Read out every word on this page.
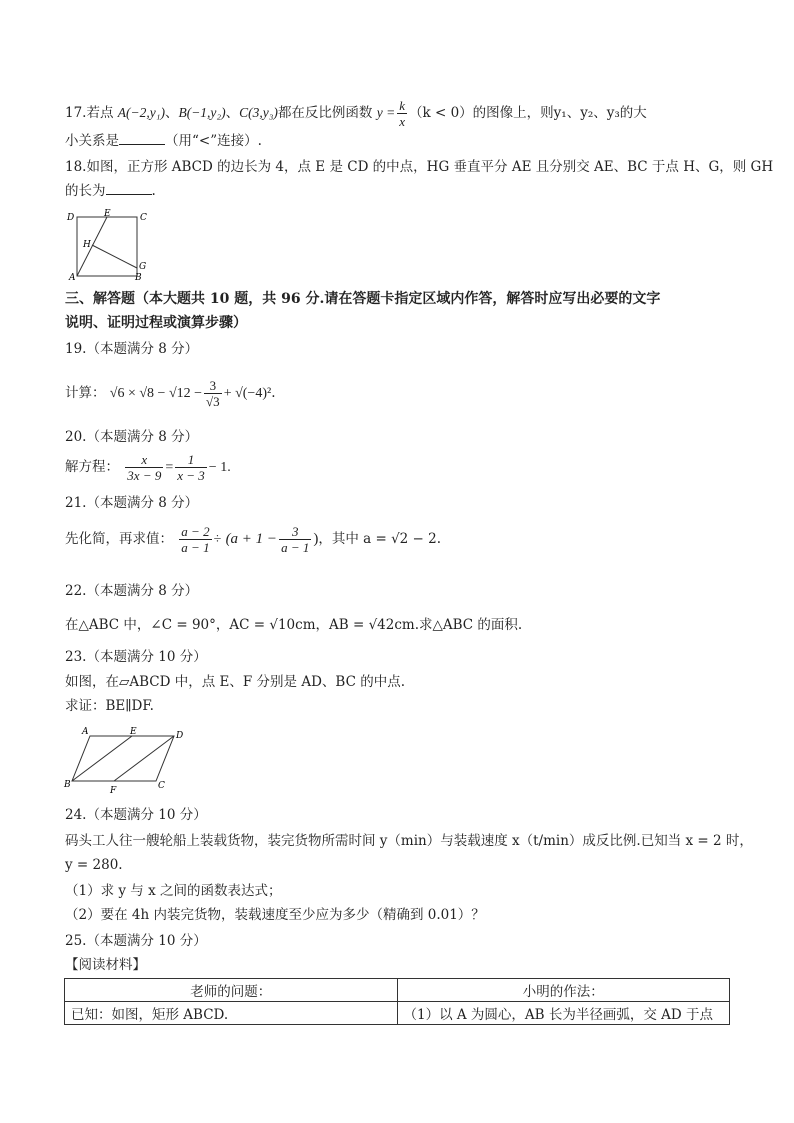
17.若点 A(−2,y₁)、B(−1,y₂)、C(3,y₃)都在反比例函数 $y = \frac{k}{x} (k < 0)$的图像上，则y₁、y₂、y₃的大
小关系是	（用“<”连接）.
18.如图，正方形 ABCD 的边长为 4，点 E 是 CD 的中点，HG 垂直平分 AE 且分别交 AE、BC 于点 H、G，则 GH
的长为	.
D	E	C
H
G
A	B
三、解答题（本大题共 10 题，共 96 分.请在答题卡指定区域内作答，解答时应写出必要的文字
说明、证明过程或演算步骤）
19.（本题满分 8 分）
计算： $√6 \times √8 - √12 - \frac{3}{√3} + √(-4)^2$.
20.（本题满分 8 分）
解方程： $\frac{x}{3x - 9} = \frac{1}{x - 3} - 1$.
21.（本题满分 8 分）
先化简，再求值： $\frac{a - 2}{a - 1} \div (a + 1 - \frac{3}{a - 1}$ )，其中 a = √2 − 2.
22.（本题满分 8 分）
在△ABC 中，∠C = 90°，AC = √10cm，AB = √42cm.求△ABC 的面积.
23.（本题满分 10 分）
如图，在▱ABCD 中，点 E、F 分别是 AD、BC 的中点.
求证：BE∥DF.
A	E	D
B
F	C
24.（本题满分 10 分）
码头工人往一艘轮船上装载货物，装完货物所需时间 y（min）与装载速度 x（t/min）成反比例.已知当 x = 2 时，
y = 280.
（1）求 y 与 x 之间的函数表达式；
（2）要在 4h 内装完货物，装载速度至少应为多少（精确到 0.01）？
25.（本题满分 10 分）
【阅读材料】
老师的问题：	小明的作法：
已知：如图，矩形 ABCD.	（1）以 A 为圆心，AB 长为半径画弧，交 AD 于点
